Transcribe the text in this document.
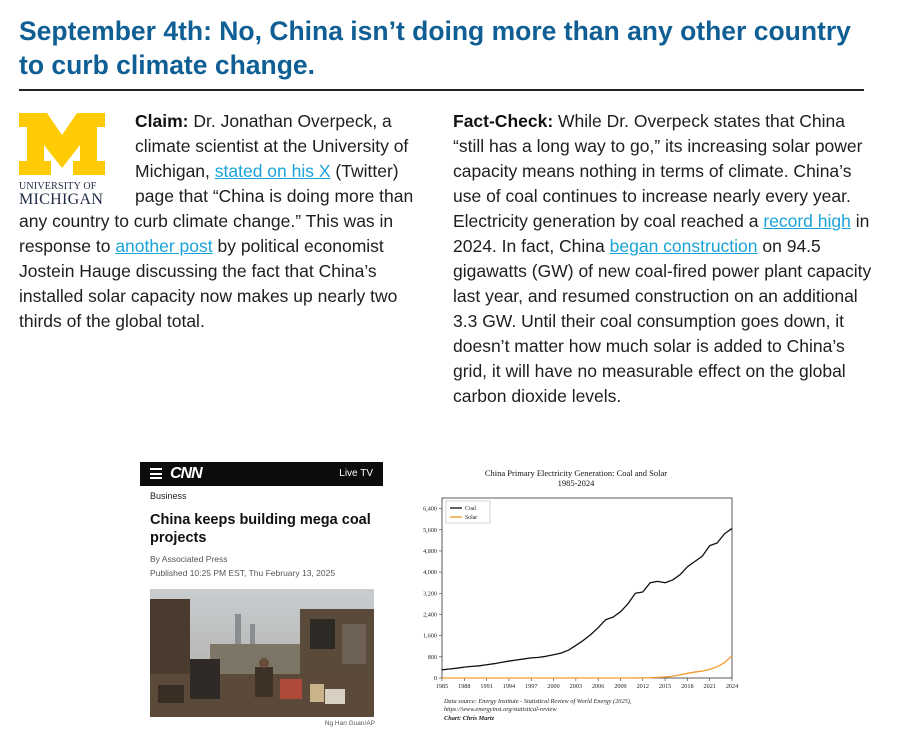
September 4th: No, China isn’t doing more than any other country
to curb climate change.
UNIVERSITY OF
MICHIGAN
Claim: Dr. Jonathan Overpeck, a climate scientist at the University of Michigan, stated on his X (Twitter) page that “China is doing more than any country to curb climate change.” This was in response to another post by political economist Jostein Hauge discussing the fact that China’s installed solar capacity now makes up nearly two thirds of the global total.
Fact-Check: While Dr. Overpeck states that China “still has a long way to go,” its increasing solar power capacity means nothing in terms of climate. China’s use of coal continues to increase nearly every year. Electricity generation by coal reached a record high in 2024. In fact, China began construction on 94.5 gigawatts (GW) of new coal-fired power plant capacity last year, and resumed construction on an additional 3.3 GW. Until their coal consumption goes down, it doesn’t matter how much solar is added to China’s grid, it will have no measurable effect on the global carbon dioxide levels.
CNN	Live TV
Business
China keeps building mega coal projects
By Associated Press
Published 10:25 PM EST, Thu February 13, 2025
Ng Han Guan/AP
China Primary Electricity Generation: Coal and Solar
1985-2024
0
800
1,600
2,400
3,200
4,000
4,800
5,600
6,400
1985 1988 1991 1994 1997 2000 2003 2006 2009 2012 2015 2018 2021 2024
Coal
Solar
Data source: Energy Institute - Statistical Review of World Energy (2025),
https://www.energyinst.org/statistical-review
Chart: Chris Martz
